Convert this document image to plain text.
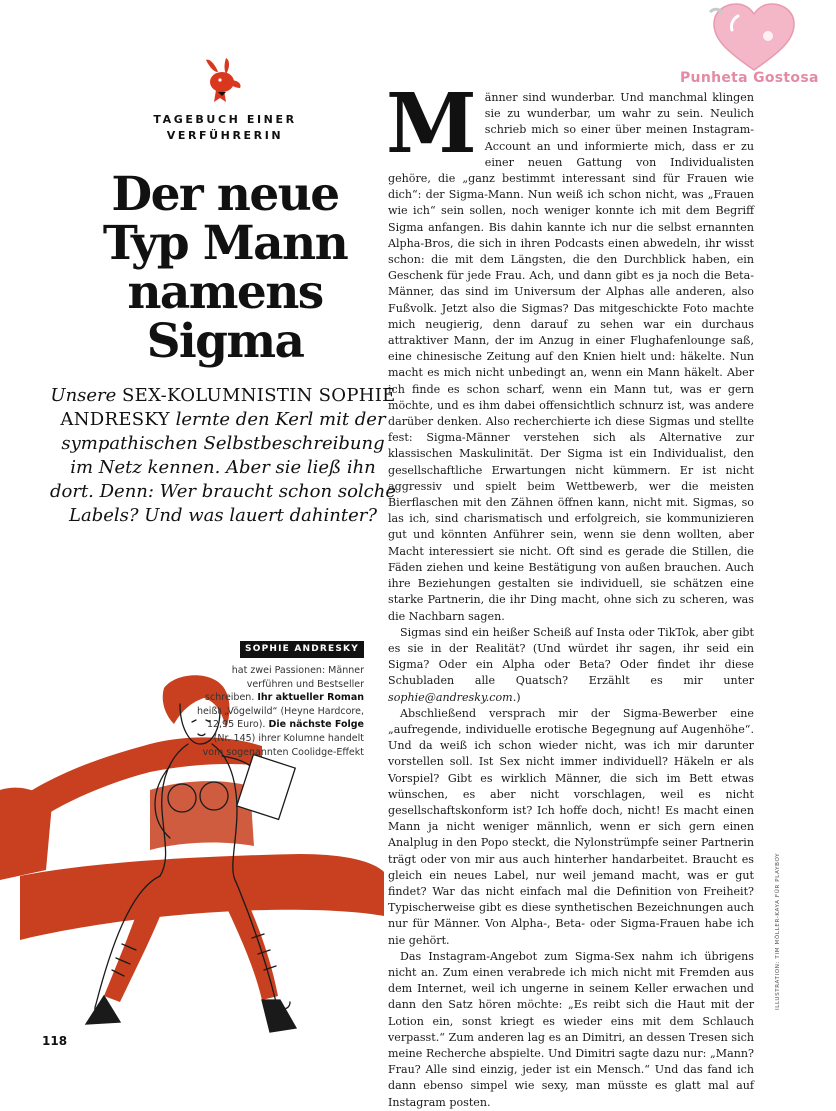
Punheta Gostosa
TAGEBUCH EINER
VERFÜHRERIN
Der neue
Typ Mann
namens
Sigma
Unsere SEX-KOLUMNISTIN SOPHIE ANDRESKY lernte den Kerl mit der sympathischen Selbstbeschreibung im Netz kennen. Aber sie ließ ihn dort. Denn: Wer braucht schon solche Labels? Und was lauert dahinter?
SOPHIE ANDRESKY
hat zwei Passionen: Männer verführen und Bestseller schreiben. Ihr aktueller Roman heißt „Vögelwild“ (Heyne Hardcore, 12,95 Euro). Die nächste Folge (Nr. 145) ihrer Kolumne handelt vom sogenannten Coolidge-Effekt
118
ILLUSTRATION: TIM MÖLLER-KAYA FÜR PLAYBOY

Männer sind wunderbar. Und manchmal klingen sie zu wunderbar, um wahr zu sein. Neulich schrieb mich so einer über meinen Instagram-Account an und informierte mich, dass er zu einer neuen Gattung von Individualisten gehöre, die „ganz bestimmt interessant sind für Frauen wie dich“: der Sigma-Mann. Nun weiß ich schon nicht, was „Frauen wie ich“ sein sollen, noch weniger konnte ich mit dem Begriff Sigma anfangen. Bis dahin kannte ich nur die selbst ernannten Alpha-Bros, die sich in ihren Podcasts einen abwedeln, ihr wisst schon: die mit dem Längsten, die den Durchblick haben, ein Geschenk für jede Frau. Ach, und dann gibt es ja noch die Beta-Männer, das sind im Universum der Alphas alle anderen, also Fußvolk. Jetzt also die Sigmas? Das mitgeschickte Foto machte mich neugierig, denn darauf zu sehen war ein durchaus attraktiver Mann, der im Anzug in einer Flughafenlounge saß, eine chinesische Zeitung auf den Knien hielt und: häkelte. Nun macht es mich nicht unbedingt an, wenn ein Mann häkelt. Aber ich finde es schon scharf, wenn ein Mann tut, was er gern möchte, und es ihm dabei offensichtlich schnurz ist, was andere darüber denken. Also recherchierte ich diese Sigmas und stellte fest: Sigma-Männer verstehen sich als Alternative zur klassischen Maskulinität. Der Sigma ist ein Individualist, den gesellschaftliche Erwartungen nicht kümmern. Er ist nicht aggressiv und spielt beim Wettbewerb, wer die meisten Bierflaschen mit den Zähnen öffnen kann, nicht mit. Sigmas, so las ich, sind charismatisch und erfolgreich, sie kommunizieren gut und könnten Anführer sein, wenn sie denn wollten, aber Macht interessiert sie nicht. Oft sind es gerade die Stillen, die Fäden ziehen und keine Bestätigung von außen brauchen. Auch ihre Beziehungen gestalten sie individuell, sie schätzen eine starke Partnerin, die ihr Ding macht, ohne sich zu scheren, was die Nachbarn sagen.

Sigmas sind ein heißer Scheiß auf Insta oder TikTok, aber gibt es sie in der Realität? (Und würdet ihr sagen, ihr seid ein Sigma? Oder ein Alpha oder Beta? Oder findet ihr diese Schubladen alle Quatsch? Erzählt es mir unter sophie@andresky.com.)

Abschließend versprach mir der Sigma-Bewerber eine „aufregende, individuelle erotische Begegnung auf Augenhöhe“. Und da weiß ich schon wieder nicht, was ich mir darunter vorstellen soll. Ist Sex nicht immer individuell? Häkeln er als Vorspiel? Gibt es wirklich Männer, die sich im Bett etwas wünschen, es aber nicht vorschlagen, weil es nicht gesellschaftskonform ist? Ich hoffe doch, nicht! Es macht einen Mann ja nicht weniger männlich, wenn er sich gern einen Analplug in den Popo steckt, die Nylonstrümpfe seiner Partnerin trägt oder von mir aus auch hinterher handarbeitet. Braucht es gleich ein neues Label, nur weil jemand macht, was er gut findet? War das nicht einfach mal die Definition von Freiheit? Typischerweise gibt es diese synthetischen Bezeichnungen auch nur für Männer. Von Alpha-, Beta- oder Sigma-Frauen habe ich nie gehört.

Das Instagram-Angebot zum Sigma-Sex nahm ich übrigens nicht an. Zum einen verabrede ich mich nicht mit Fremden aus dem Internet, weil ich ungerne in seinem Keller erwachen und dann den Satz hören möchte: „Es reibt sich die Haut mit der Lotion ein, sonst kriegt es wieder eins mit dem Schlauch verpasst.“ Zum anderen lag es an Dimitri, an dessen Tresen sich meine Recherche abspielte. Und Dimitri sagte dazu nur: „Mann? Frau? Alle sind einzig, jeder ist ein Mensch.“ Und das fand ich dann ebenso simpel wie sexy, man müsste es glatt mal auf Instagram posten.
